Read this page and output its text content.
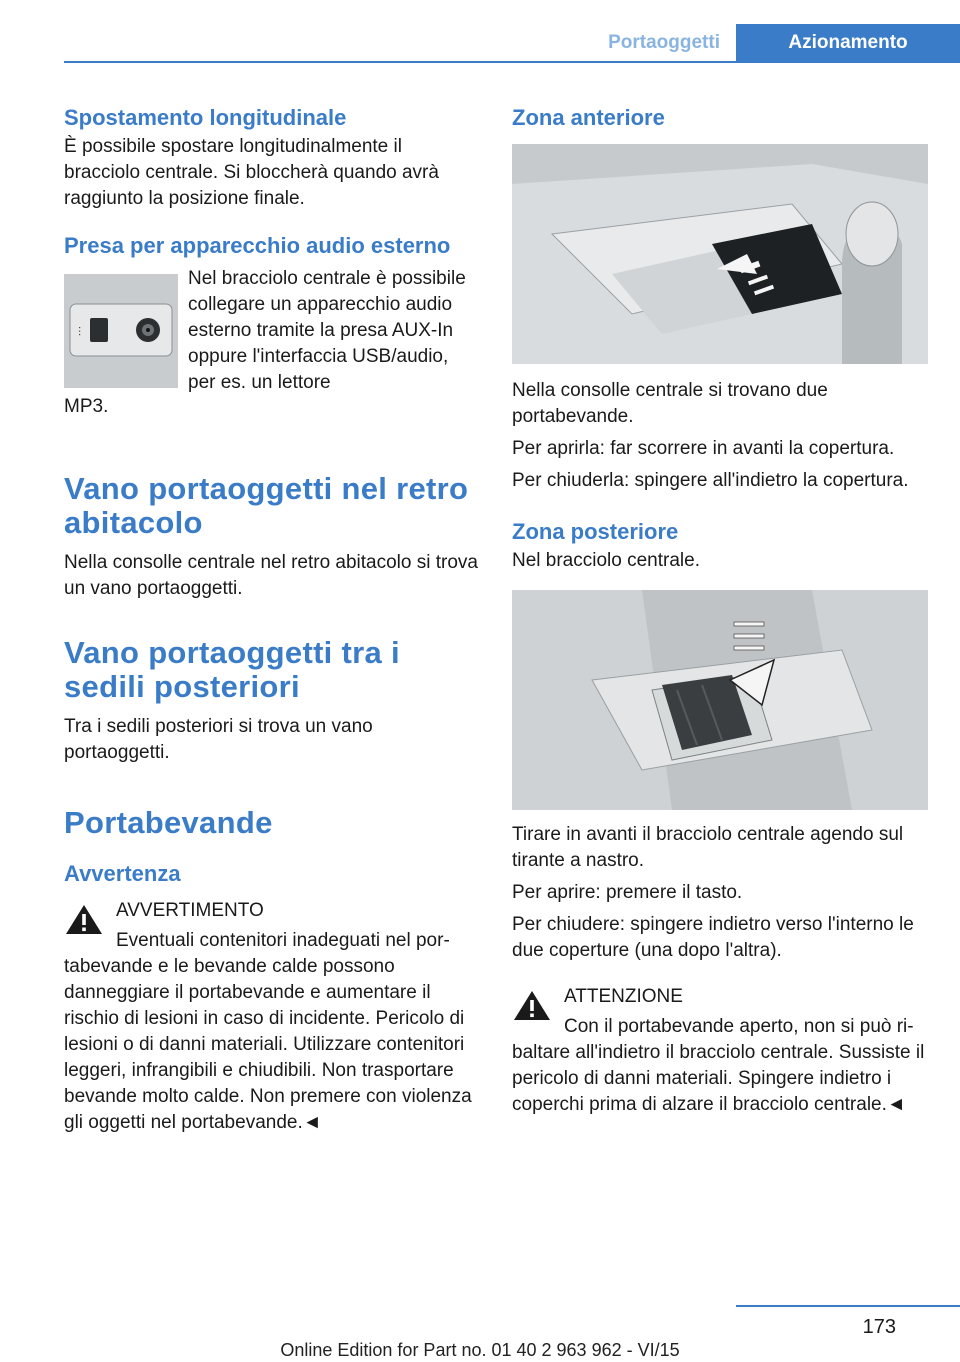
Portaoggetti	Azionamento
Spostamento longitudinale

È possibile spostare longitudinalmente il bracciolo centrale. Si bloccherà quando avrà raggiunto la posizione finale.

Presa per apparecchio audio esterno
⫶

Nel bracciolo centrale è possibile collegare un apparecchio audio esterno tramite la presa AUX-In oppure l'interfaccia USB/audio, per es. un lettore

MP3.

Vano portaoggetti nel retro abitacolo

Nella consolle centrale nel retro abitacolo si trova un vano portaoggetti.

Vano portaoggetti tra i sedili posteriori

Tra i sedili posteriori si trova un vano portaoggetti.

Portabevande
Avvertenza

AVVERTIMENTO

Eventuali contenitori inadeguati nel por-

tabevande e le bevande calde possono danneggiare il portabevande e aumentare il rischio di lesioni in caso di incidente. Pericolo di lesioni o di danni materiali. Utilizzare contenitori leggeri, infrangibili e chiudibili. Non trasportare bevande molto calde. Non premere con violenza gli oggetti nel portabevande.◄

Zona anteriore

Nella consolle centrale si trovano due portabevande.

Per aprirla: far scorrere in avanti la copertura.

Per chiuderla: spingere all'indietro la copertura.

Zona posteriore

Nel bracciolo centrale.

Tirare in avanti il bracciolo centrale agendo sul tirante a nastro.

Per aprire: premere il tasto.

Per chiudere: spingere indietro verso l'interno le due coperture (una dopo l'altra).

ATTENZIONE

Con il portabevande aperto, non si può ri-

baltare all'indietro il bracciolo centrale. Sussiste il pericolo di danni materiali. Spingere indietro i coperchi prima di alzare il bracciolo centrale.◄

173
Online Edition for Part no. 01 40 2 963 962 - VI/15
